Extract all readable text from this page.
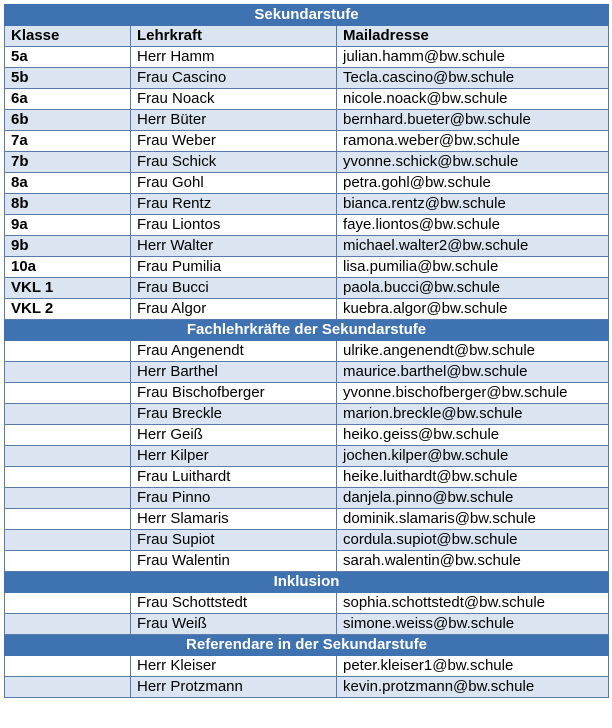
Sekundarstufe		
Klasse	Lehrkraft	Mailadresse
5a	Herr Hamm	julian.hamm@bw.schule
5b	Frau Cascino	Tecla.cascino@bw.schule
6a	Frau Noack	nicole.noack@bw.schule
6b	Herr Büter	bernhard.bueter@bw.schule
7a	Frau Weber	ramona.weber@bw.schule
7b	Frau Schick	yvonne.schick@bw.schule
8a	Frau Gohl	petra.gohl@bw.schule
8b	Frau Rentz	bianca.rentz@bw.schule
9a	Frau Liontos	faye.liontos@bw.schule
9b	Herr Walter	michael.walter2@bw.schule
10a	Frau Pumilia	lisa.pumilia@bw.schule
VKL 1	Frau Bucci	paola.bucci@bw.schule
VKL 2	Frau Algor	kuebra.algor@bw.schule
Fachlehrkräfte der Sekundarstufe		
	Frau Angenendt	ulrike.angenendt@bw.schule
	Herr Barthel	maurice.barthel@bw.schule
	Frau Bischofberger	yvonne.bischofberger@bw.schule
	Frau Breckle	marion.breckle@bw.schule
	Herr Geiß	heiko.geiss@bw.schule
	Herr Kilper	jochen.kilper@bw.schule
	Frau Luithardt	heike.luithardt@bw.schule
	Frau Pinno	danjela.pinno@bw.schule
	Herr Slamaris	dominik.slamaris@bw.schule
	Frau Supiot	cordula.supiot@bw.schule
	Frau Walentin	sarah.walentin@bw.schule
Inklusion		
	Frau Schottstedt	sophia.schottstedt@bw.schule
	Frau Weiß	simone.weiss@bw.schule
Referendare in der Sekundarstufe		
	Herr Kleiser	peter.kleiser1@bw.schule
	Herr Protzmann	kevin.protzmann@bw.schule
